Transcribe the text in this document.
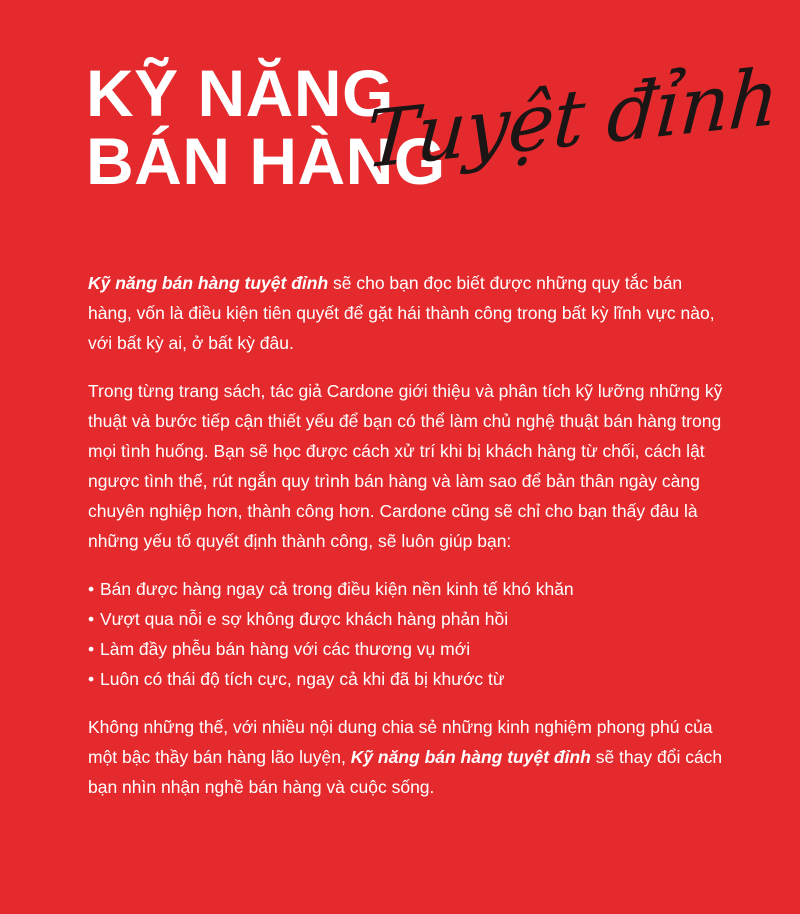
KỸ NĂNG
BÁN HÀNG
Tuyệt đỉnh

Kỹ năng bán hàng tuyệt đỉnh sẽ cho bạn đọc biết được những quy tắc bán hàng, vốn là điều kiện tiên quyết để gặt hái thành công trong bất kỳ lĩnh vực nào, với bất kỳ ai, ở bất kỳ đâu.

Trong từng trang sách, tác giả Cardone giới thiệu và phân tích kỹ lưỡng những kỹ thuật và bước tiếp cận thiết yếu để bạn có thể làm chủ nghệ thuật bán hàng trong mọi tình huống. Bạn sẽ học được cách xử trí khi bị khách hàng từ chối, cách lật ngược tình thế, rút ngắn quy trình bán hàng và làm sao để bản thân ngày càng chuyên nghiệp hơn, thành công hơn. Cardone cũng sẽ chỉ cho bạn thấy đâu là những yếu tố quyết định thành công, sẽ luôn giúp bạn:

• Bán được hàng ngay cả trong điều kiện nền kinh tế khó khăn
• Vượt qua nỗi e sợ không được khách hàng phản hồi
• Làm đầy phễu bán hàng với các thương vụ mới
• Luôn có thái độ tích cực, ngay cả khi đã bị khước từ

Không những thế, với nhiều nội dung chia sẻ những kinh nghiệm phong phú của một bậc thầy bán hàng lão luyện, Kỹ năng bán hàng tuyệt đỉnh sẽ thay đổi cách bạn nhìn nhận nghề bán hàng và cuộc sống.
